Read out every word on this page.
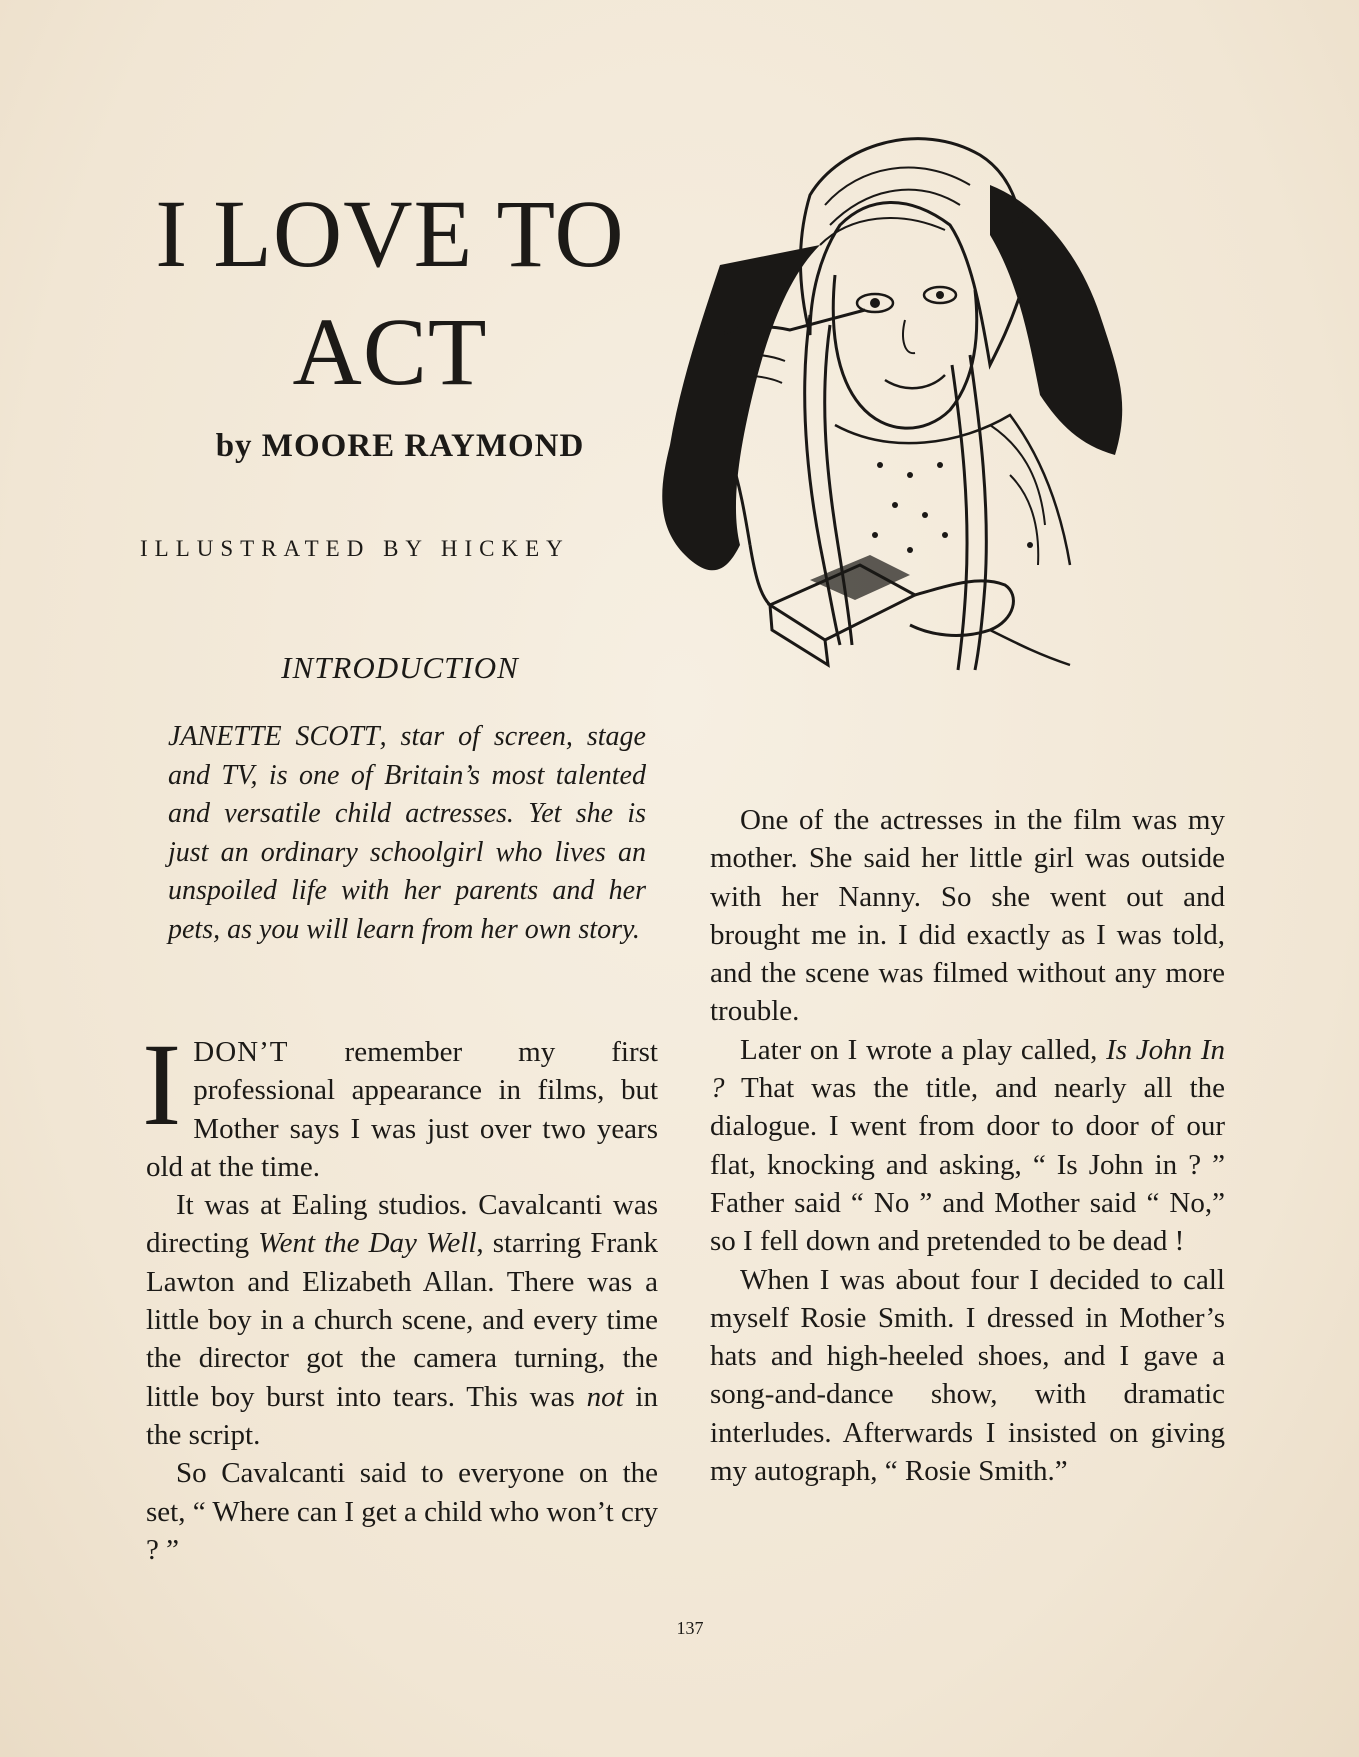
I LOVE TO ACT
by MOORE RAYMOND
ILLUSTRATED BY HICKEY
INTRODUCTION

JANETTE SCOTT, star of screen, stage and TV, is one of Britain’s most talented and versatile child actresses. Yet she is just an ordinary schoolgirl who lives an unspoiled life with her parents and her pets, as you will learn from her own story.

IDON’T remember my first professional appearance in films, but Mother says I was just over two years old at the time.

It was at Ealing studios. Cavalcanti was directing Went the Day Well, starring Frank Lawton and Elizabeth Allan. There was a little boy in a church scene, and every time the director got the camera turning, the little boy burst into tears. This was not in the script.

So Cavalcanti said to everyone on the set, “ Where can I get a child who won’t cry ? ”

One of the actresses in the film was my mother. She said her little girl was outside with her Nanny. So she went out and brought me in. I did exactly as I was told, and the scene was filmed without any more trouble.

Later on I wrote a play called, Is John In ? That was the title, and nearly all the dialogue. I went from door to door of our flat, knocking and asking, “ Is John in ? ” Father said “ No ” and Mother said “ No,” so I fell down and pretended to be dead !

When I was about four I decided to call myself Rosie Smith. I dressed in Mother’s hats and high-heeled shoes, and I gave a song-and-dance show, with dramatic interludes. Afterwards I insisted on giving my autograph, “ Rosie Smith.”

137
